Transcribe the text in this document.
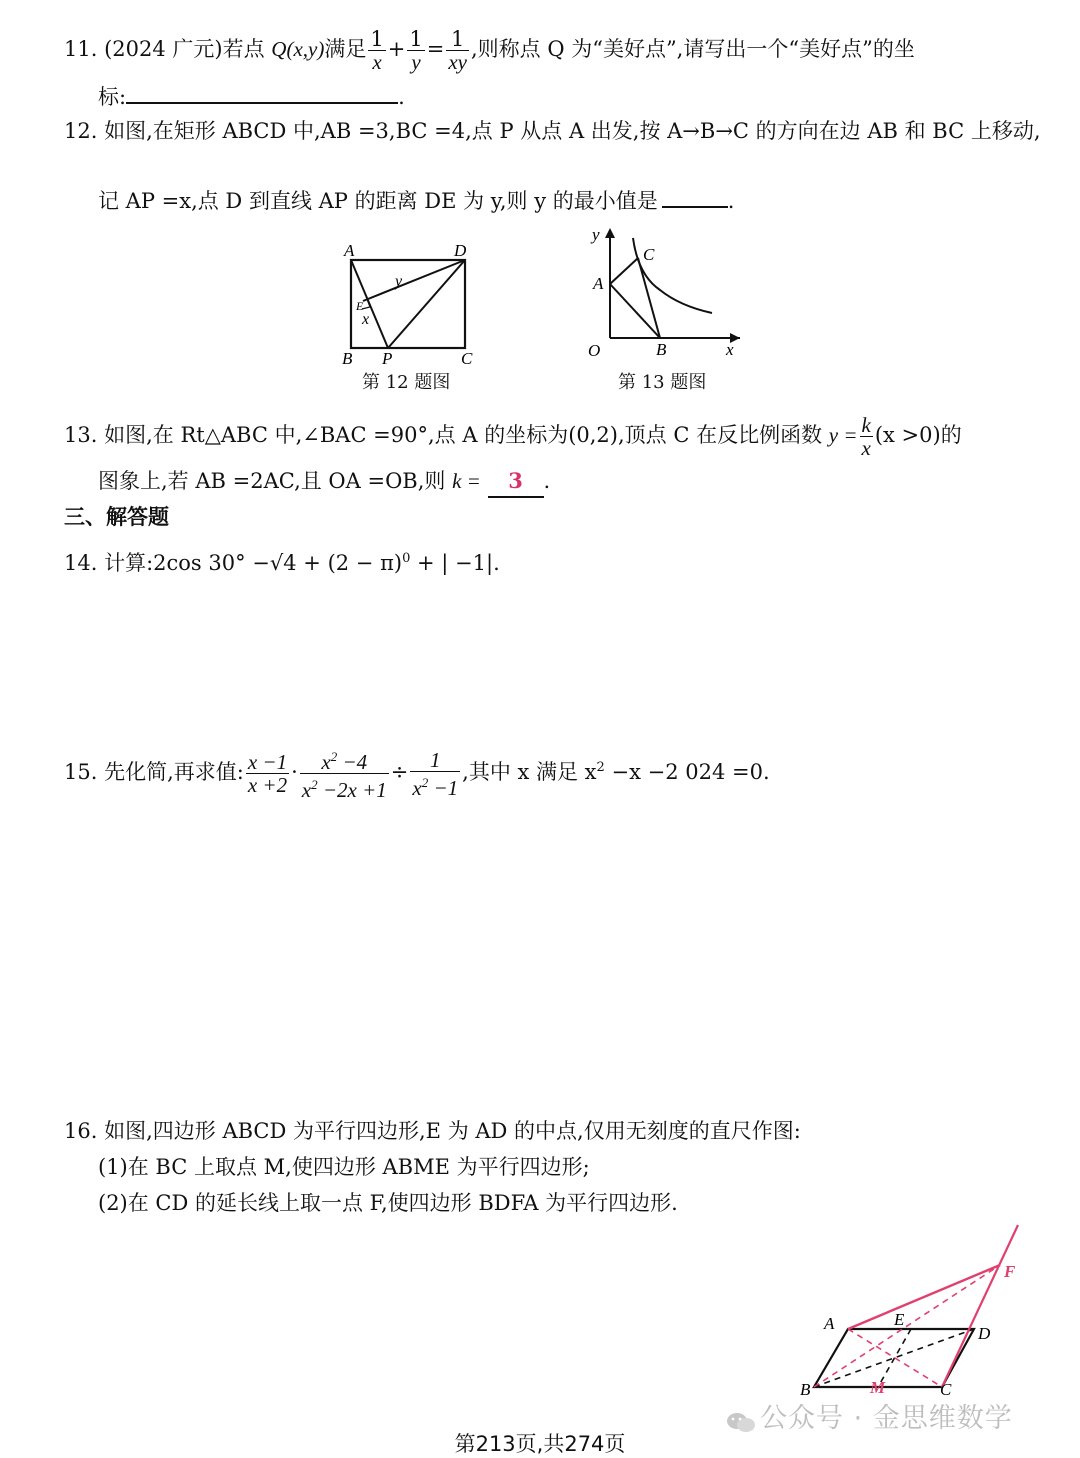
11. (2024 广元)若点 Q(x,y)满足 $\frac{1}{x} + \frac{1}{y} = \frac{1}{xy}$ ,则称点 Q 为“美好点”,请写出一个“美好点”的坐
标:	.
12. 如图,在矩形 ABCD 中,AB =3,BC =4,点 P 从点 A 出发,按 A→B→C 的方向在边 AB 和 BC 上移动,
记 AP =x,点 D 到直线 AP 的距离 DE 为 y,则 y 的最小值是	.
A	D
B P	C
E
x
y
第 12 题图
y
C
A
O	B	x
第 13 题图
13. 如图,在 Rt△ABC 中,∠BAC =90°,点 A 的坐标为(0,2),顶点 C 在反比例函数 $y = \frac{k}{x} (x >0)$的
图象上,若 AB =2AC,且 OA =OB,则 k = 3 .
三、解答题
14. 计算:2cos $30^\circ -√4 + (2 - \pi)^0$ + | −1|.
15. 先化简,再求值: $\frac{x -1}{x +2} \cdot \frac{x^2 -4}{x^2 -2x +1} \div \frac{1}{x^2 -1}$ ,其中 x 满足 $x^2 -x -2$ 024 =0.
16. 如图,四边形 ABCD 为平行四边形,E 为 AD 的中点,仅用无刻度的直尺作图:
(1)在 BC 上取点 M,使四边形 ABME 为平行四边形;
(2)在 CD 的延长线上取一点 F,使四边形 BDFA 为平行四边形.
A	E
D
F
B	M	C
公众号 · 金思维数学
第213页,共274页
